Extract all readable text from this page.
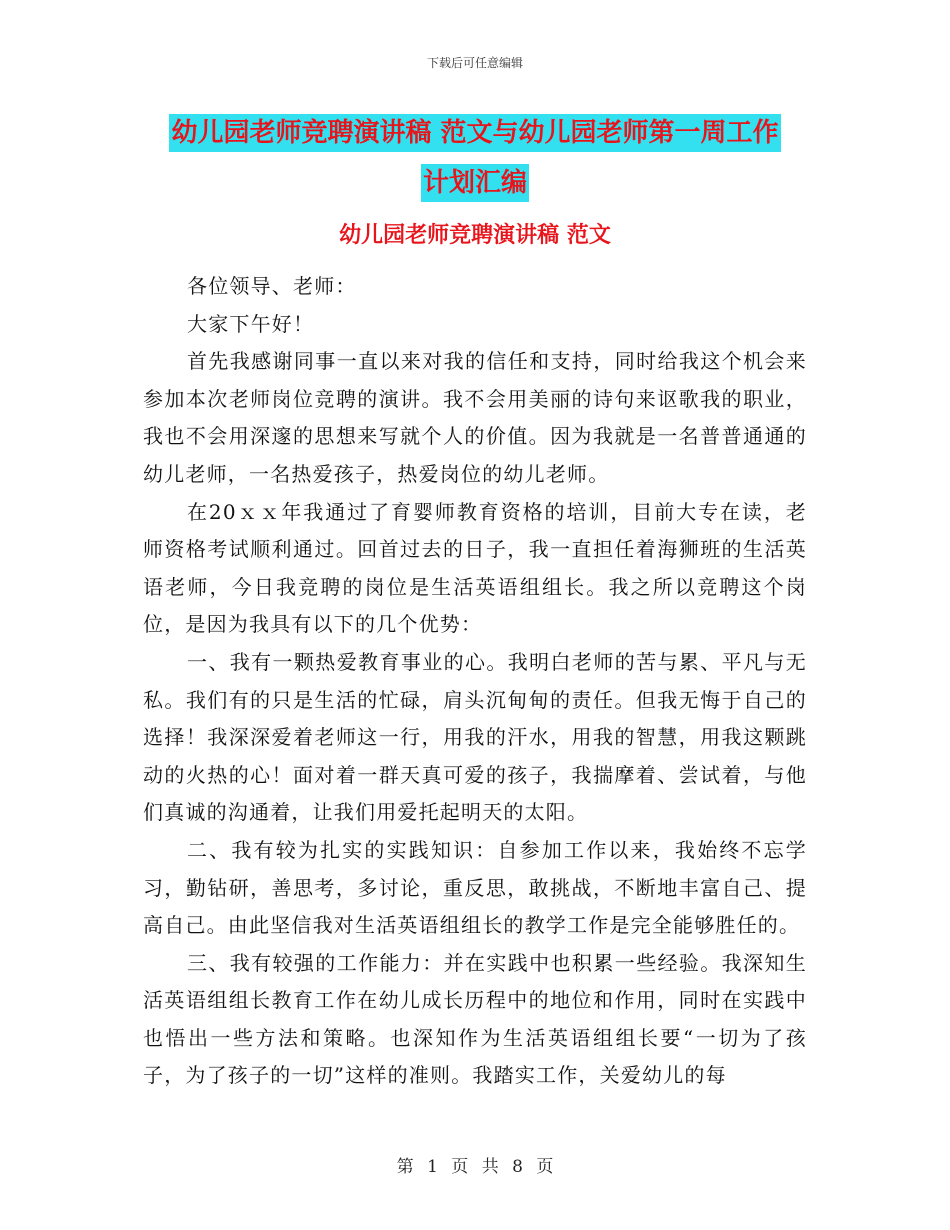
下载后可任意编辑
幼儿园老师竞聘演讲稿 范文与幼儿园老师第一周工作
计划汇编
幼儿园老师竞聘演讲稿 范文

各位领导、老师：

大家下午好！

首先我感谢同事一直以来对我的信任和支持，同时给我这个机会来参加本次老师岗位竞聘的演讲。我不会用美丽的诗句来讴歌我的职业，我也不会用深邃的思想来写就个人的价值。因为我就是一名普普通通的幼儿老师，一名热爱孩子，热爱岗位的幼儿老师。

在20ｘｘ年我通过了育婴师教育资格的培训，目前大专在读，老师资格考试顺利通过。回首过去的日子，我一直担任着海狮班的生活英语老师，今日我竞聘的岗位是生活英语组组长。我之所以竞聘这个岗位，是因为我具有以下的几个优势：

一、我有一颗热爱教育事业的心。我明白老师的苦与累、平凡与无私。我们有的只是生活的忙碌，肩头沉甸甸的责任。但我无悔于自己的选择！我深深爱着老师这一行，用我的汗水，用我的智慧，用我这颗跳动的火热的心！面对着一群天真可爱的孩子，我揣摩着、尝试着，与他们真诚的沟通着，让我们用爱托起明天的太阳。

二、我有较为扎实的实践知识：自参加工作以来，我始终不忘学习，勤钻研，善思考，多讨论，重反思，敢挑战，不断地丰富自己、提高自己。由此坚信我对生活英语组组长的教学工作是完全能够胜任的。

三、我有较强的工作能力：并在实践中也积累一些经验。我深知生活英语组组长教育工作在幼儿成长历程中的地位和作用，同时在实践中也悟出一些方法和策略。也深知作为生活英语组组长要“一切为了孩子，为了孩子的一切”这样的准则。我踏实工作，关爱幼儿的每

第 1 页 共 8 页
